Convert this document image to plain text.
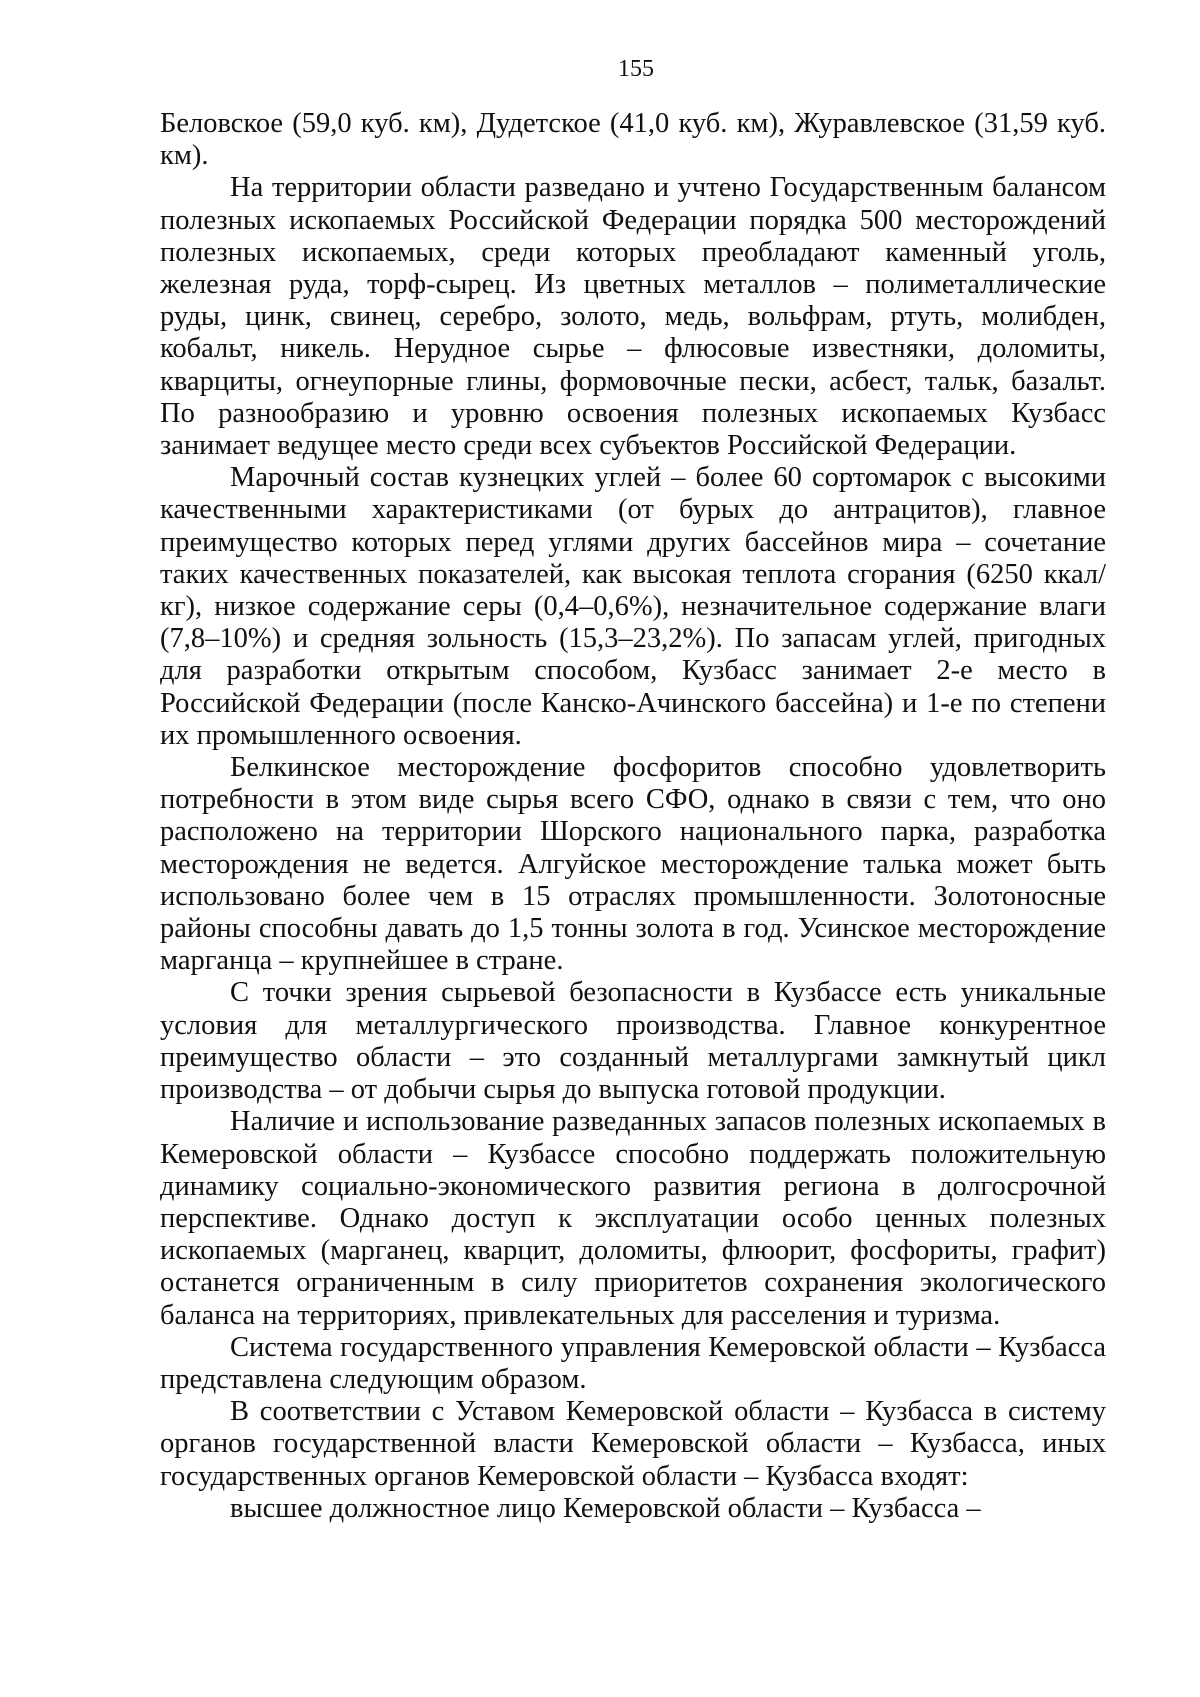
155

Беловское (59,0 куб. км), Дудетское (41,0 куб. км), Журавлевское (31,59 куб. км).

На территории области разведано и учтено Государственным балансом полезных ископаемых Российской Федерации порядка 500 месторождений полезных ископаемых, среди которых преобладают каменный уголь, железная руда, торф-сырец. Из цветных металлов – полиметаллические руды, цинк, свинец, серебро, золото, медь, вольфрам, ртуть, молибден, кобальт, никель. Нерудное сырье – флюсовые известняки, доломиты, кварциты, огнеупорные глины, формовочные пески, асбест, тальк, базальт. По разнообразию и уровню освоения полезных ископаемых Кузбасс занимает ведущее место среди всех субъектов Российской Федерации.

Марочный состав кузнецких углей – более 60 сортомарок с высокими качественными характеристиками (от бурых до антрацитов), главное преимущество которых перед углями других бассейнов мира – сочетание таких качественных показателей, как высокая теплота сгорания (6250 ккал/кг), низкое содержание серы (0,4–0,6%), незначительное содержание влаги (7,8–10%) и средняя зольность (15,3–23,2%). По запасам углей, пригодных для разработки открытым способом, Кузбасс занимает 2-е место в Российской Федерации (после Канско-Ачинского бассейна) и 1-е по степени их промышленного освоения.

Белкинское месторождение фосфоритов способно удовлетворить потребности в этом виде сырья всего СФО, однако в связи с тем, что оно расположено на территории Шорского национального парка, разработка месторождения не ведется. Алгуйское месторождение талька может быть использовано более чем в 15 отраслях промышленности. Золотоносные районы способны давать до 1,5 тонны золота в год. Усинское месторождение марганца – крупнейшее в стране.

С точки зрения сырьевой безопасности в Кузбассе есть уникальные условия для металлургического производства. Главное конкурентное преимущество области – это созданный металлургами замкнутый цикл производства – от добычи сырья до выпуска готовой продукции.

Наличие и использование разведанных запасов полезных ископаемых в Кемеровской области – Кузбассе способно поддержать положительную динамику социально-экономического развития региона в долгосрочной перспективе. Однако доступ к эксплуатации особо ценных полезных ископаемых (марганец, кварцит, доломиты, флюорит, фосфориты, графит) останется ограниченным в силу приоритетов сохранения экологического баланса на территориях, привлекательных для расселения и туризма.

Система государственного управления Кемеровской области – Кузбасса представлена следующим образом.

В соответствии с Уставом Кемеровской области – Кузбасса в систему органов государственной власти Кемеровской области – Кузбасса, иных государственных органов Кемеровской области – Кузбасса входят:

высшее должностное лицо Кемеровской области – Кузбасса –
